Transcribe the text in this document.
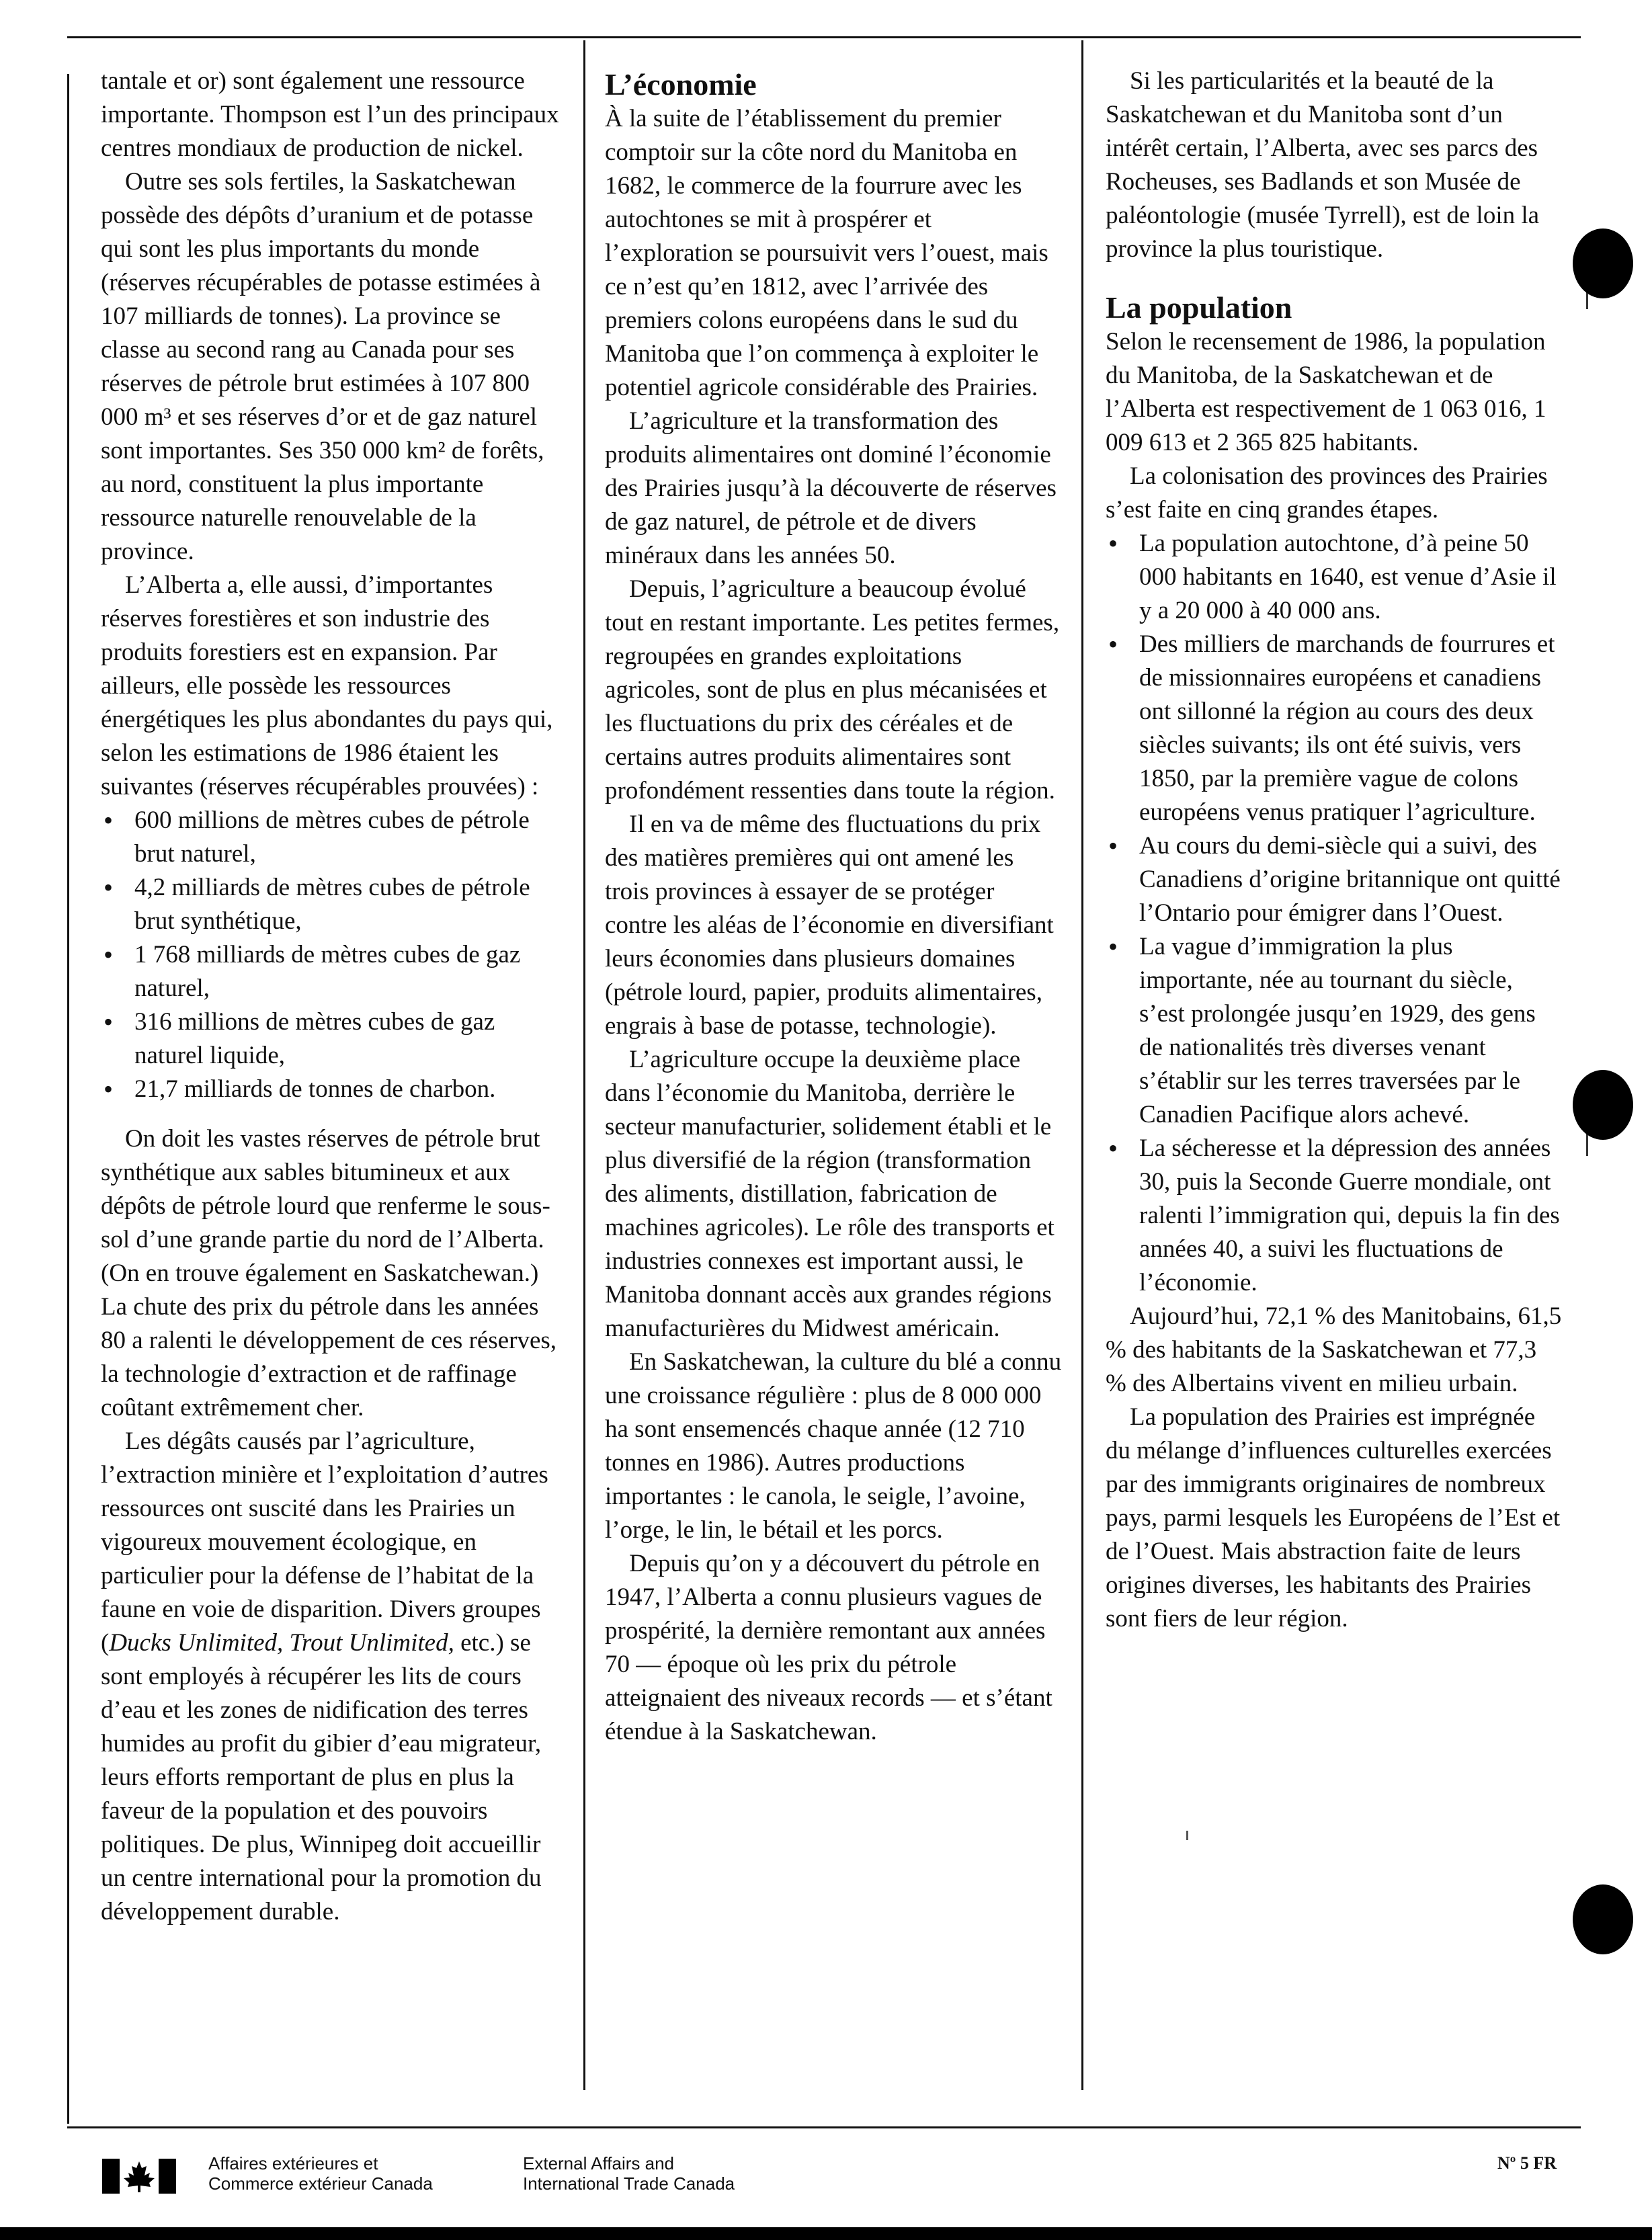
tantale et or) sont également une ressource importante. Thompson est l’un des principaux centres mondiaux de production de nickel.

Outre ses sols fertiles, la Saskatchewan possède des dépôts d’uranium et de potasse qui sont les plus importants du monde (réserves récupérables de potasse estimées à 107 milliards de tonnes). La province se classe au second rang au Canada pour ses réserves de pétrole brut estimées à 107 800 000 m³ et ses réserves d’or et de gaz naturel sont importantes. Ses 350 000 km² de forêts, au nord, constituent la plus importante ressource naturelle renouvelable de la province.

L’Alberta a, elle aussi, d’importantes réserves forestières et son industrie des produits forestiers est en expansion. Par ailleurs, elle possède les ressources énergétiques les plus abondantes du pays qui, selon les estimations de 1986 étaient les suivantes (réserves récupérables prouvées) :

• 600 millions de mètres cubes de pétrole brut naturel,
• 4,2 milliards de mètres cubes de pétrole brut synthétique,
• 1 768 milliards de mètres cubes de gaz naturel,
• 316 millions de mètres cubes de gaz naturel liquide,
• 21,7 milliards de tonnes de charbon.

On doit les vastes réserves de pétrole brut synthétique aux sables bitumineux et aux dépôts de pétrole lourd que renferme le sous-sol d’une grande partie du nord de l’Alberta. (On en trouve également en Saskatchewan.) La chute des prix du pétrole dans les années 80 a ralenti le développement de ces réserves, la technologie d’extraction et de raffinage coûtant extrêmement cher.

Les dégâts causés par l’agriculture, l’extraction minière et l’exploitation d’autres ressources ont suscité dans les Prairies un vigoureux mouvement écologique, en particulier pour la défense de l’habitat de la faune en voie de disparition. Divers groupes (Ducks Unlimited, Trout Unlimited, etc.) se sont employés à récupérer les lits de cours d’eau et les zones de nidification des terres humides au profit du gibier d’eau migrateur, leurs efforts remportant de plus en plus la faveur de la population et des pouvoirs politiques. De plus, Winnipeg doit accueillir un centre international pour la promotion du développement durable.

L’économie

À la suite de l’établissement du premier comptoir sur la côte nord du Manitoba en 1682, le commerce de la fourrure avec les autochtones se mit à prospérer et l’exploration se poursuivit vers l’ouest, mais ce n’est qu’en 1812, avec l’arrivée des premiers colons européens dans le sud du Manitoba que l’on commença à exploiter le potentiel agricole considérable des Prairies.

L’agriculture et la transformation des produits alimentaires ont dominé l’économie des Prairies jusqu’à la découverte de réserves de gaz naturel, de pétrole et de divers minéraux dans les années 50.

Depuis, l’agriculture a beaucoup évolué tout en restant importante. Les petites fermes, regroupées en grandes exploitations agricoles, sont de plus en plus mécanisées et les fluctuations du prix des céréales et de certains autres produits alimentaires sont profondément ressenties dans toute la région.

Il en va de même des fluctuations du prix des matières premières qui ont amené les trois provinces à essayer de se protéger contre les aléas de l’économie en diversifiant leurs économies dans plusieurs domaines (pétrole lourd, papier, produits alimentaires, engrais à base de potasse, technologie).

L’agriculture occupe la deuxième place dans l’économie du Manitoba, derrière le secteur manufacturier, solidement établi et le plus diversifié de la région (transformation des aliments, distillation, fabrication de machines agricoles). Le rôle des transports et industries connexes est important aussi, le Manitoba donnant accès aux grandes régions manufacturières du Midwest américain.

En Saskatchewan, la culture du blé a connu une croissance régulière : plus de 8 000 000 ha sont ensemencés chaque année (12 710 tonnes en 1986). Autres productions importantes : le canola, le seigle, l’avoine, l’orge, le lin, le bétail et les porcs.

Depuis qu’on y a découvert du pétrole en 1947, l’Alberta a connu plusieurs vagues de prospérité, la dernière remontant aux années 70 — époque où les prix du pétrole atteignaient des niveaux records — et s’étant étendue à la Saskatchewan.

Si les particularités et la beauté de la Saskatchewan et du Manitoba sont d’un intérêt certain, l’Alberta, avec ses parcs des Rocheuses, ses Badlands et son Musée de paléontologie (musée Tyrrell), est de loin la province la plus touristique.

La population

Selon le recensement de 1986, la population du Manitoba, de la Saskatchewan et de l’Alberta est respectivement de 1 063 016, 1 009 613 et 2 365 825 habitants.

La colonisation des provinces des Prairies s’est faite en cinq grandes étapes.

• La population autochtone, d’à peine 50 000 habitants en 1640, est venue d’Asie il y a 20 000 à 40 000 ans.
• Des milliers de marchands de fourrures et de missionnaires européens et canadiens ont sillonné la région au cours des deux siècles suivants; ils ont été suivis, vers 1850, par la première vague de colons européens venus pratiquer l’agriculture.
• Au cours du demi-siècle qui a suivi, des Canadiens d’origine britannique ont quitté l’Ontario pour émigrer dans l’Ouest.
• La vague d’immigration la plus importante, née au tournant du siècle, s’est prolongée jusqu’en 1929, des gens de nationalités très diverses venant s’établir sur les terres traversées par le Canadien Pacifique alors achevé.
• La sécheresse et la dépression des années 30, puis la Seconde Guerre mondiale, ont ralenti l’immigration qui, depuis la fin des années 40, a suivi les fluctuations de l’économie.

Aujourd’hui, 72,1 % des Manitobains, 61,5 % des habitants de la Saskatchewan et 77,3 % des Albertains vivent en milieu urbain.

La population des Prairies est imprégnée du mélange d’influences culturelles exercées par des immigrants originaires de nombreux pays, parmi lesquels les Européens de l’Est et de l’Ouest. Mais abstraction faite de leurs origines diverses, les habitants des Prairies sont fiers de leur région.

Affaires extérieures et
Commerce extérieur Canada
External Affairs and
International Trade Canada
Nº 5 FR
